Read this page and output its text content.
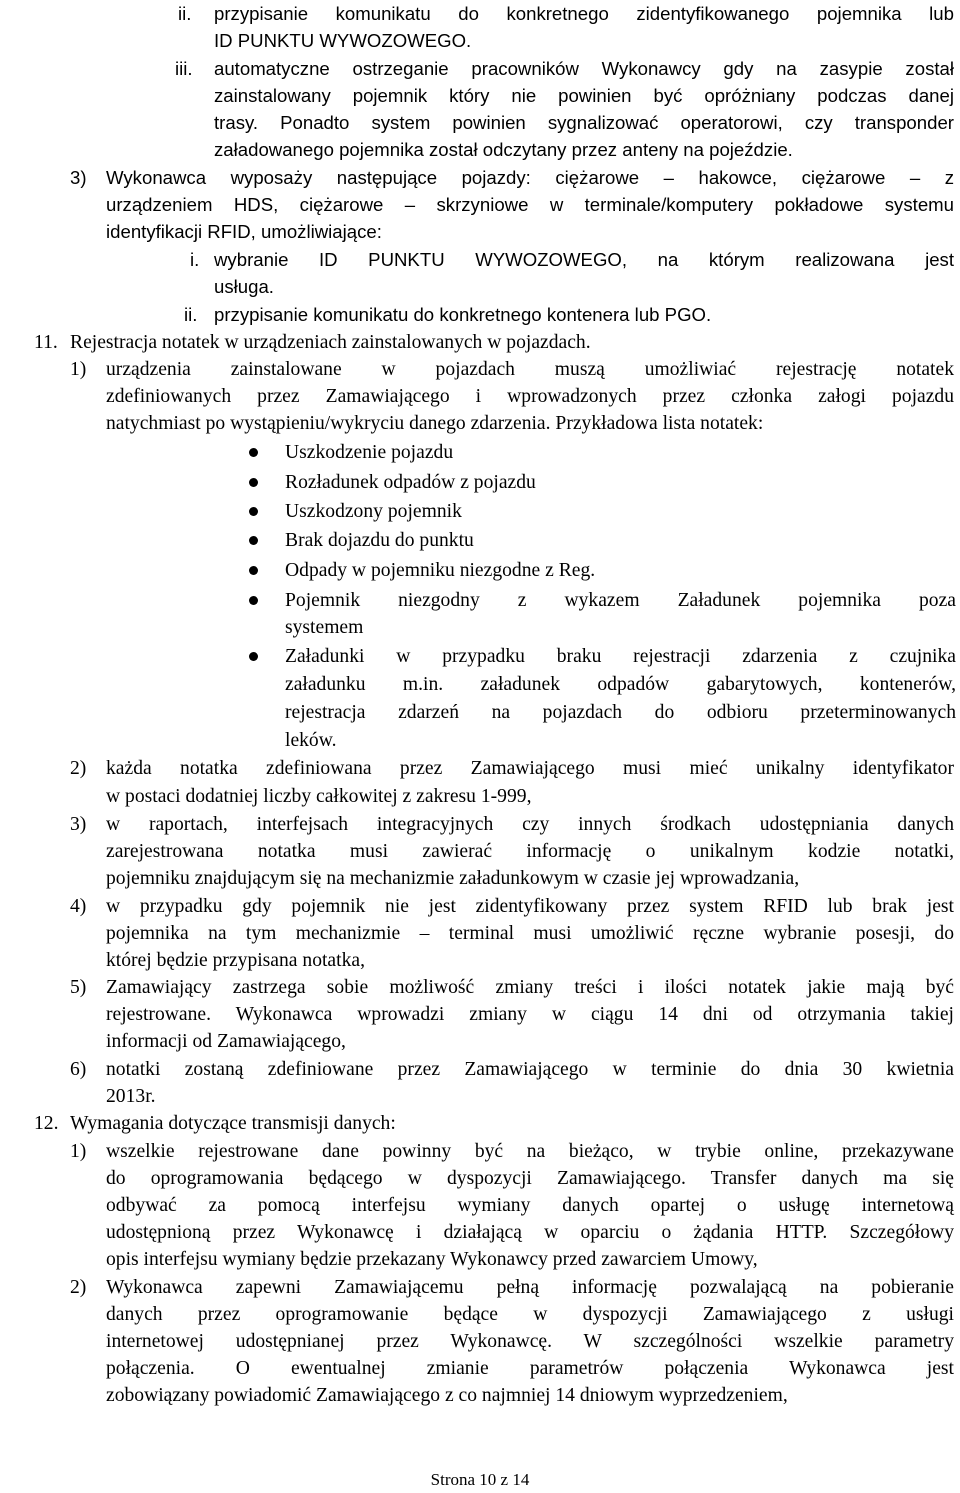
ii. przypisanie komunikatu do konkretnego zidentyfikowanego pojemnika lub
ID PUNKTU WYWOZOWEGO.
iii. automatyczne ostrzeganie pracowników Wykonawcy gdy na zasypie został
zainstalowany pojemnik który nie powinien być opróżniany podczas danej
trasy. Ponadto system powinien sygnalizować operatorowi, czy transponder
załadowanego pojemnika został odczytany przez anteny na pojeździe.
3) Wykonawca wyposaży następujące pojazdy: ciężarowe – hakowce, ciężarowe – z
urządzeniem HDS, ciężarowe – skrzyniowe w terminale/komputery pokładowe systemu
identyfikacji RFID, umożliwiające:
i. wybranie ID PUNKTU WYWOZOWEGO, na którym realizowana jest
usługa.
ii. przypisanie komunikatu do konkretnego kontenera lub PGO.
11. Rejestracja notatek w urządzeniach zainstalowanych w pojazdach.
1) urządzenia zainstalowane w pojazdach muszą umożliwiać rejestrację notatek
zdefiniowanych przez Zamawiającego i wprowadzonych przez członka załogi pojazdu
natychmiast po wystąpieniu/wykryciu danego zdarzenia. Przykładowa lista notatek:
Uszkodzenie pojazdu
Rozładunek odpadów z pojazdu
Uszkodzony pojemnik
Brak dojazdu do punktu
Odpady w pojemniku niezgodne z Reg.
Pojemnik niezgodny z wykazem Załadunek pojemnika poza
systemem
Załadunki w przypadku braku rejestracji zdarzenia z czujnika
załadunku m.in. załadunek odpadów gabarytowych, kontenerów,
rejestracja zdarzeń na pojazdach do odbioru przeterminowanych
leków.
2) każda notatka zdefiniowana przez Zamawiającego musi mieć unikalny identyfikator
w postaci dodatniej liczby całkowitej z zakresu 1-999,
3) w raportach, interfejsach integracyjnych czy innych środkach udostępniania danych
zarejestrowana notatka musi zawierać informację o unikalnym kodzie notatki,
pojemniku znajdującym się na mechanizmie załadunkowym w czasie jej wprowadzania,
4) w przypadku gdy pojemnik nie jest zidentyfikowany przez system RFID lub brak jest
pojemnika na tym mechanizmie – terminal musi umożliwić ręczne wybranie posesji, do
której będzie przypisana notatka,
5) Zamawiający zastrzega sobie możliwość zmiany treści i ilości notatek jakie mają być
rejestrowane. Wykonawca wprowadzi zmiany w ciągu 14 dni od otrzymania takiej
informacji od Zamawiającego,
6) notatki zostaną zdefiniowane przez Zamawiającego w terminie do dnia 30 kwietnia
2013r.
12. Wymagania dotyczące transmisji danych:
1) wszelkie rejestrowane dane powinny być na bieżąco, w trybie online, przekazywane
do oprogramowania będącego w dyspozycji Zamawiającego. Transfer danych ma się
odbywać za pomocą interfejsu wymiany danych opartej o usługę internetową
udostępnioną przez Wykonawcę i działającą w oparciu o żądania HTTP. Szczegółowy
opis interfejsu wymiany będzie przekazany Wykonawcy przed zawarciem Umowy,
2) Wykonawca zapewni Zamawiającemu pełną informację pozwalającą na pobieranie
danych przez oprogramowanie będące w dyspozycji Zamawiającego z usługi
internetowej udostępnianej przez Wykonawcę. W szczególności wszelkie parametry
połączenia. O ewentualnej zmianie parametrów połączenia Wykonawca jest
zobowiązany powiadomić Zamawiającego z co najmniej 14 dniowym wyprzedzeniem,
Strona 10 z 14
